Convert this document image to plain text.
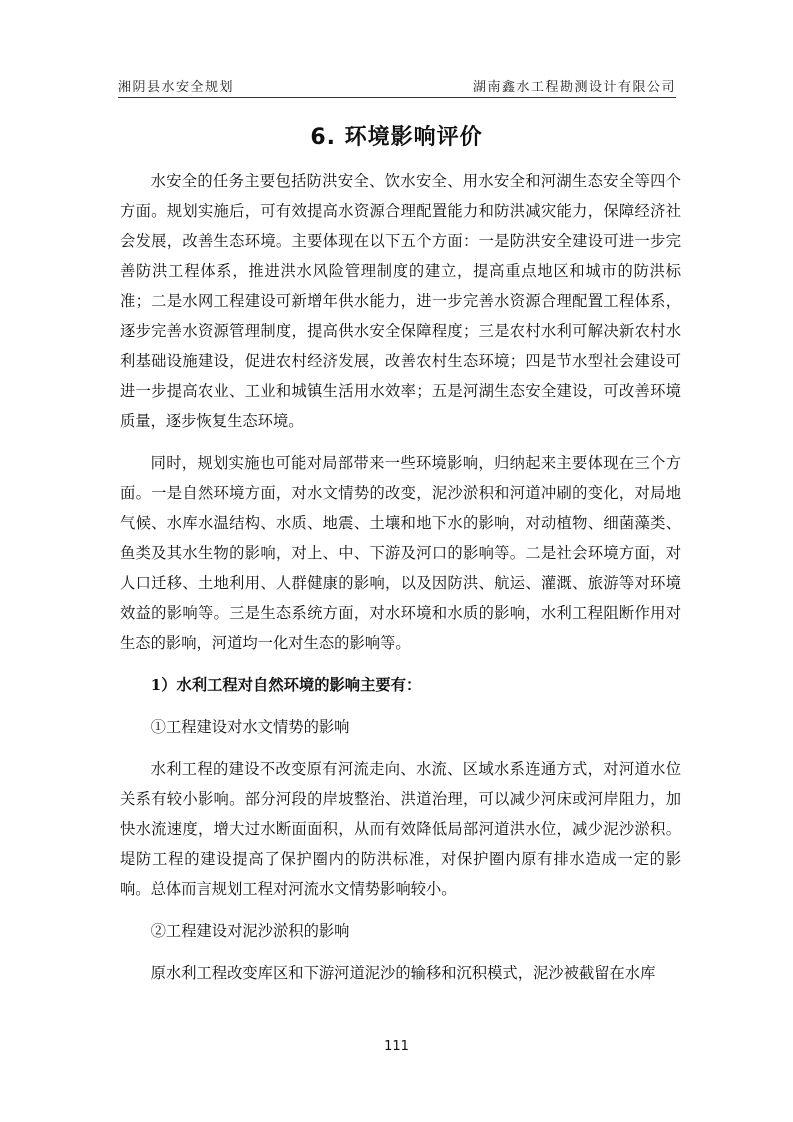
湘阴县水安全规划	湖南鑫水工程勘测设计有限公司
6. 环境影响评价

水安全的任务主要包括防洪安全、饮水安全、用水安全和河湖生态安全等四个方面。规划实施后，可有效提高水资源合理配置能力和防洪减灾能力，保障经济社会发展，改善生态环境。主要体现在以下五个方面：一是防洪安全建设可进一步完善防洪工程体系，推进洪水风险管理制度的建立，提高重点地区和城市的防洪标准；二是水网工程建设可新增年供水能力，进一步完善水资源合理配置工程体系，逐步完善水资源管理制度，提高供水安全保障程度；三是农村水利可解决新农村水利基础设施建设，促进农村经济发展，改善农村生态环境；四是节水型社会建设可进一步提高农业、工业和城镇生活用水效率；五是河湖生态安全建设，可改善环境质量，逐步恢复生态环境。

同时，规划实施也可能对局部带来一些环境影响，归纳起来主要体现在三个方面。一是自然环境方面，对水文情势的改变，泥沙淤积和河道冲刷的变化，对局地气候、水库水温结构、水质、地震、土壤和地下水的影响，对动植物、细菌藻类、鱼类及其水生物的影响，对上、中、下游及河口的影响等。二是社会环境方面，对人口迁移、土地利用、人群健康的影响，以及因防洪、航运、灌溉、旅游等对环境效益的影响等。三是生态系统方面，对水环境和水质的影响，水利工程阻断作用对生态的影响，河道均一化对生态的影响等。

1）水利工程对自然环境的影响主要有：

①工程建设对水文情势的影响

水利工程的建设不改变原有河流走向、水流、区域水系连通方式，对河道水位关系有较小影响。部分河段的岸坡整治、洪道治理，可以减少河床或河岸阻力，加快水流速度，增大过水断面面积，从而有效降低局部河道洪水位，减少泥沙淤积。堤防工程的建设提高了保护圈内的防洪标准，对保护圈内原有排水造成一定的影响。总体而言规划工程对河流水文情势影响较小。

②工程建设对泥沙淤积的影响

原水利工程改变库区和下游河道泥沙的输移和沉积模式，泥沙被截留在水库

111
